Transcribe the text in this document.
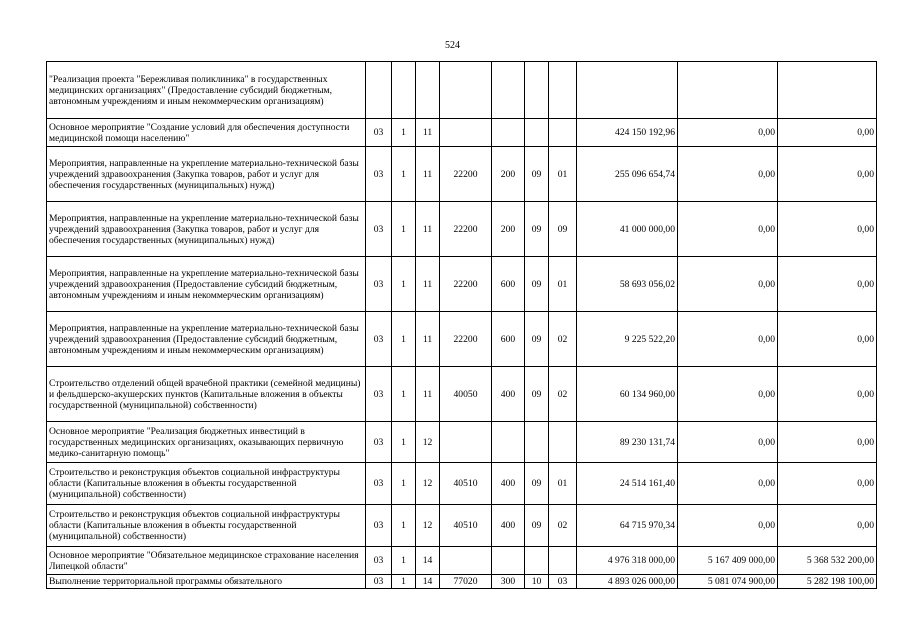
524
"Реализация проекта "Бережливая поликлиника" в государственных медицинских организациях" (Предоставление субсидий бюджетным, автономным учреждениям и иным некоммерческим организациям)										
Основное мероприятие "Создание условий для обеспечения доступности медицинской помощи населению"	03	1	11					424 150 192,96	0,00	0,00
Мероприятия, направленные на укрепление материально-технической базы учреждений здравоохранения (Закупка товаров, работ и услуг для обеспечения государственных (муниципальных) нужд)	03	1	11	22200	200	09	01	255 096 654,74	0,00	0,00
Мероприятия, направленные на укрепление материально-технической базы учреждений здравоохранения (Закупка товаров, работ и услуг для обеспечения государственных (муниципальных) нужд)	03	1	11	22200	200	09	09	41 000 000,00	0,00	0,00
Мероприятия, направленные на укрепление материально-технической базы учреждений здравоохранения (Предоставление субсидий бюджетным, автономным учреждениям и иным некоммерческим организациям)	03	1	11	22200	600	09	01	58 693 056,02	0,00	0,00
Мероприятия, направленные на укрепление материально-технической базы учреждений здравоохранения (Предоставление субсидий бюджетным, автономным учреждениям и иным некоммерческим организациям)	03	1	11	22200	600	09	02	9 225 522,20	0,00	0,00
Строительство отделений общей врачебной практики (семейной медицины) и фельдшерско-акушерских пунктов (Капитальные вложения в объекты государственной (муниципальной) собственности)	03	1	11	40050	400	09	02	60 134 960,00	0,00	0,00
Основное мероприятие "Реализация бюджетных инвестиций в государственных медицинских организациях, оказывающих первичную медико-санитарную помощь"	03	1	12					89 230 131,74	0,00	0,00
Строительство и реконструкция объектов социальной инфраструктуры области (Капитальные вложения в объекты государственной (муниципальной) собственности)	03	1	12	40510	400	09	01	24 514 161,40	0,00	0,00
Строительство и реконструкция объектов социальной инфраструктуры области (Капитальные вложения в объекты государственной (муниципальной) собственности)	03	1	12	40510	400	09	02	64 715 970,34	0,00	0,00
Основное мероприятие "Обязательное медицинское страхование населения Липецкой области"	03	1	14					4 976 318 000,00	5 167 409 000,00	5 368 532 200,00
Выполнение территориальной программы обязательного	03	1	14	77020	300	10	03	4 893 026 000,00	5 081 074 900,00	5 282 198 100,00
